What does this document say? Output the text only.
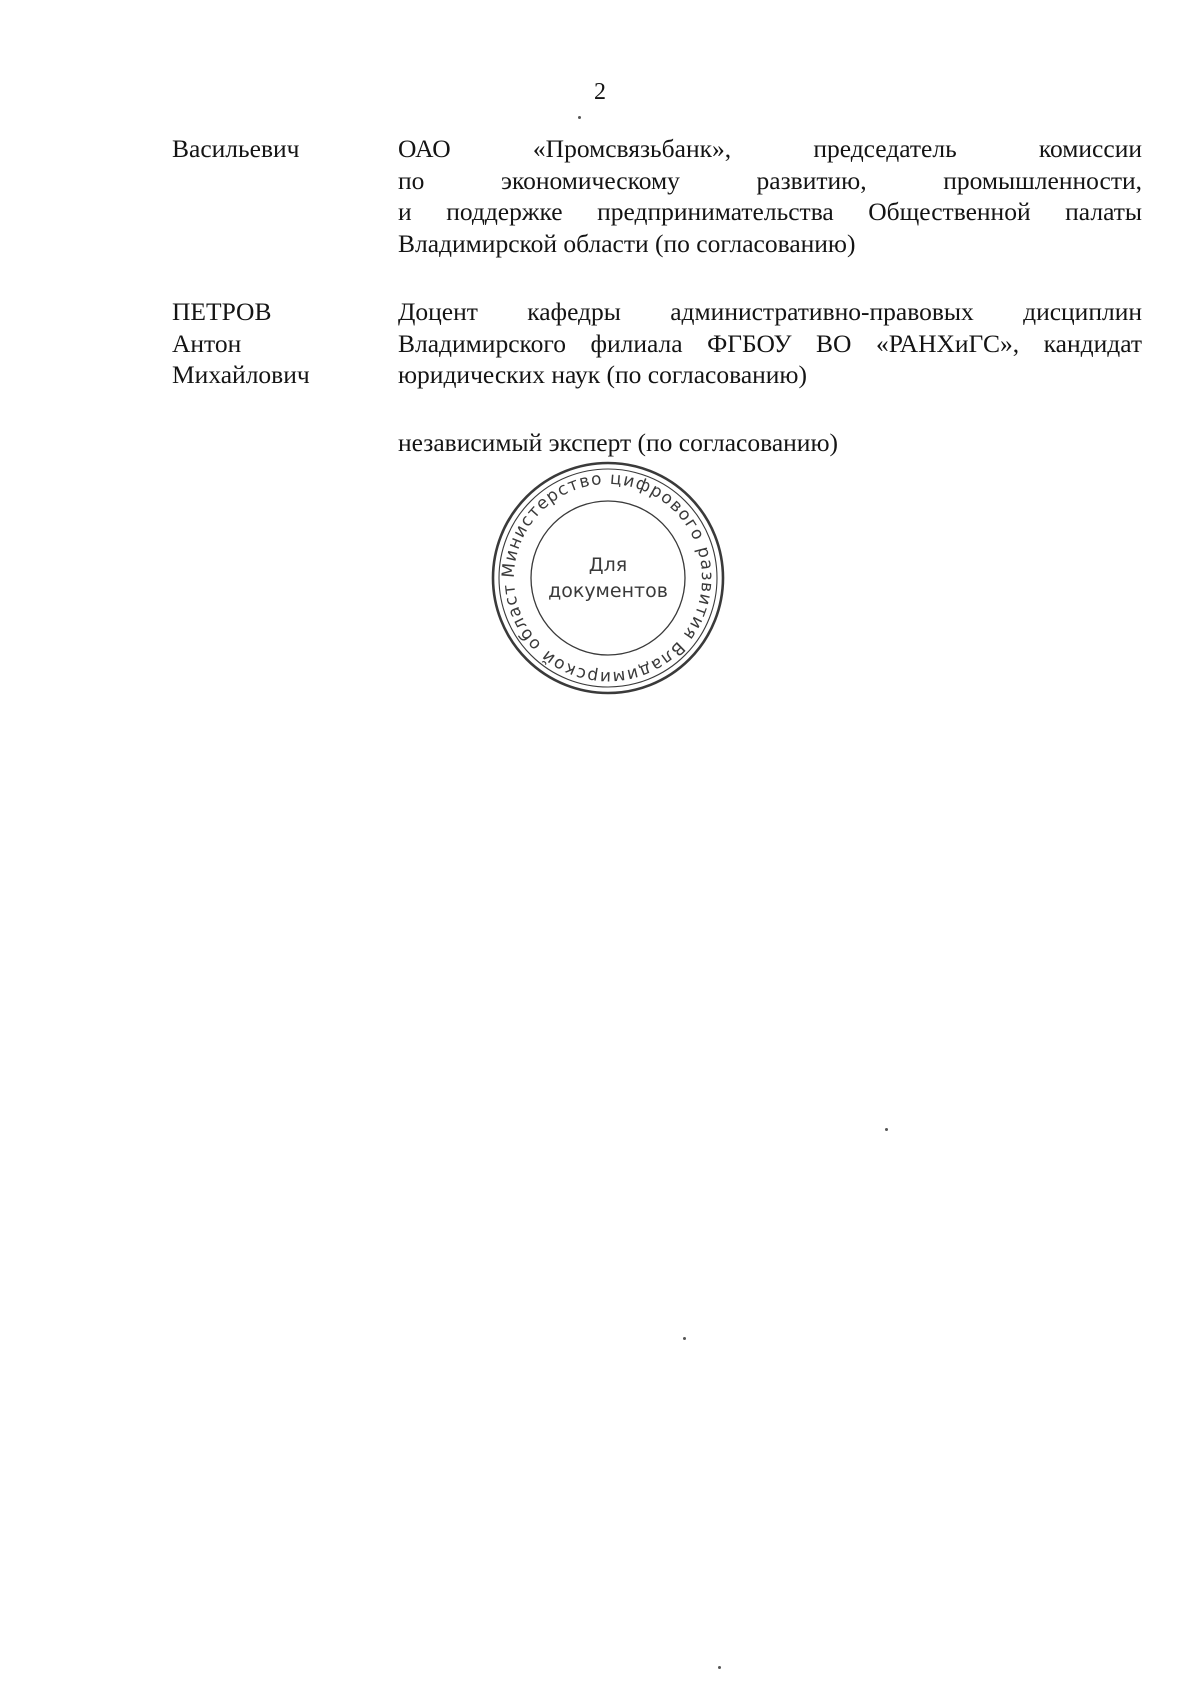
2
Васильевич	ОАО «Промсвязьбанк», председатель комиссии
по экономическому развитию, промышленности,
и поддержке предпринимательства Общественной палаты
Владимирской области (по согласованию)
ПЕТРОВ
Антон
Михайлович
Доцент кафедры административно-правовых дисциплин
Владимирского филиала ФГБОУ ВО «РАНХиГС», кандидат
юридических наук (по согласованию)
независимый эксперт (по согласованию)
Министерство цифрового развития Владимирской област
Для
документов
